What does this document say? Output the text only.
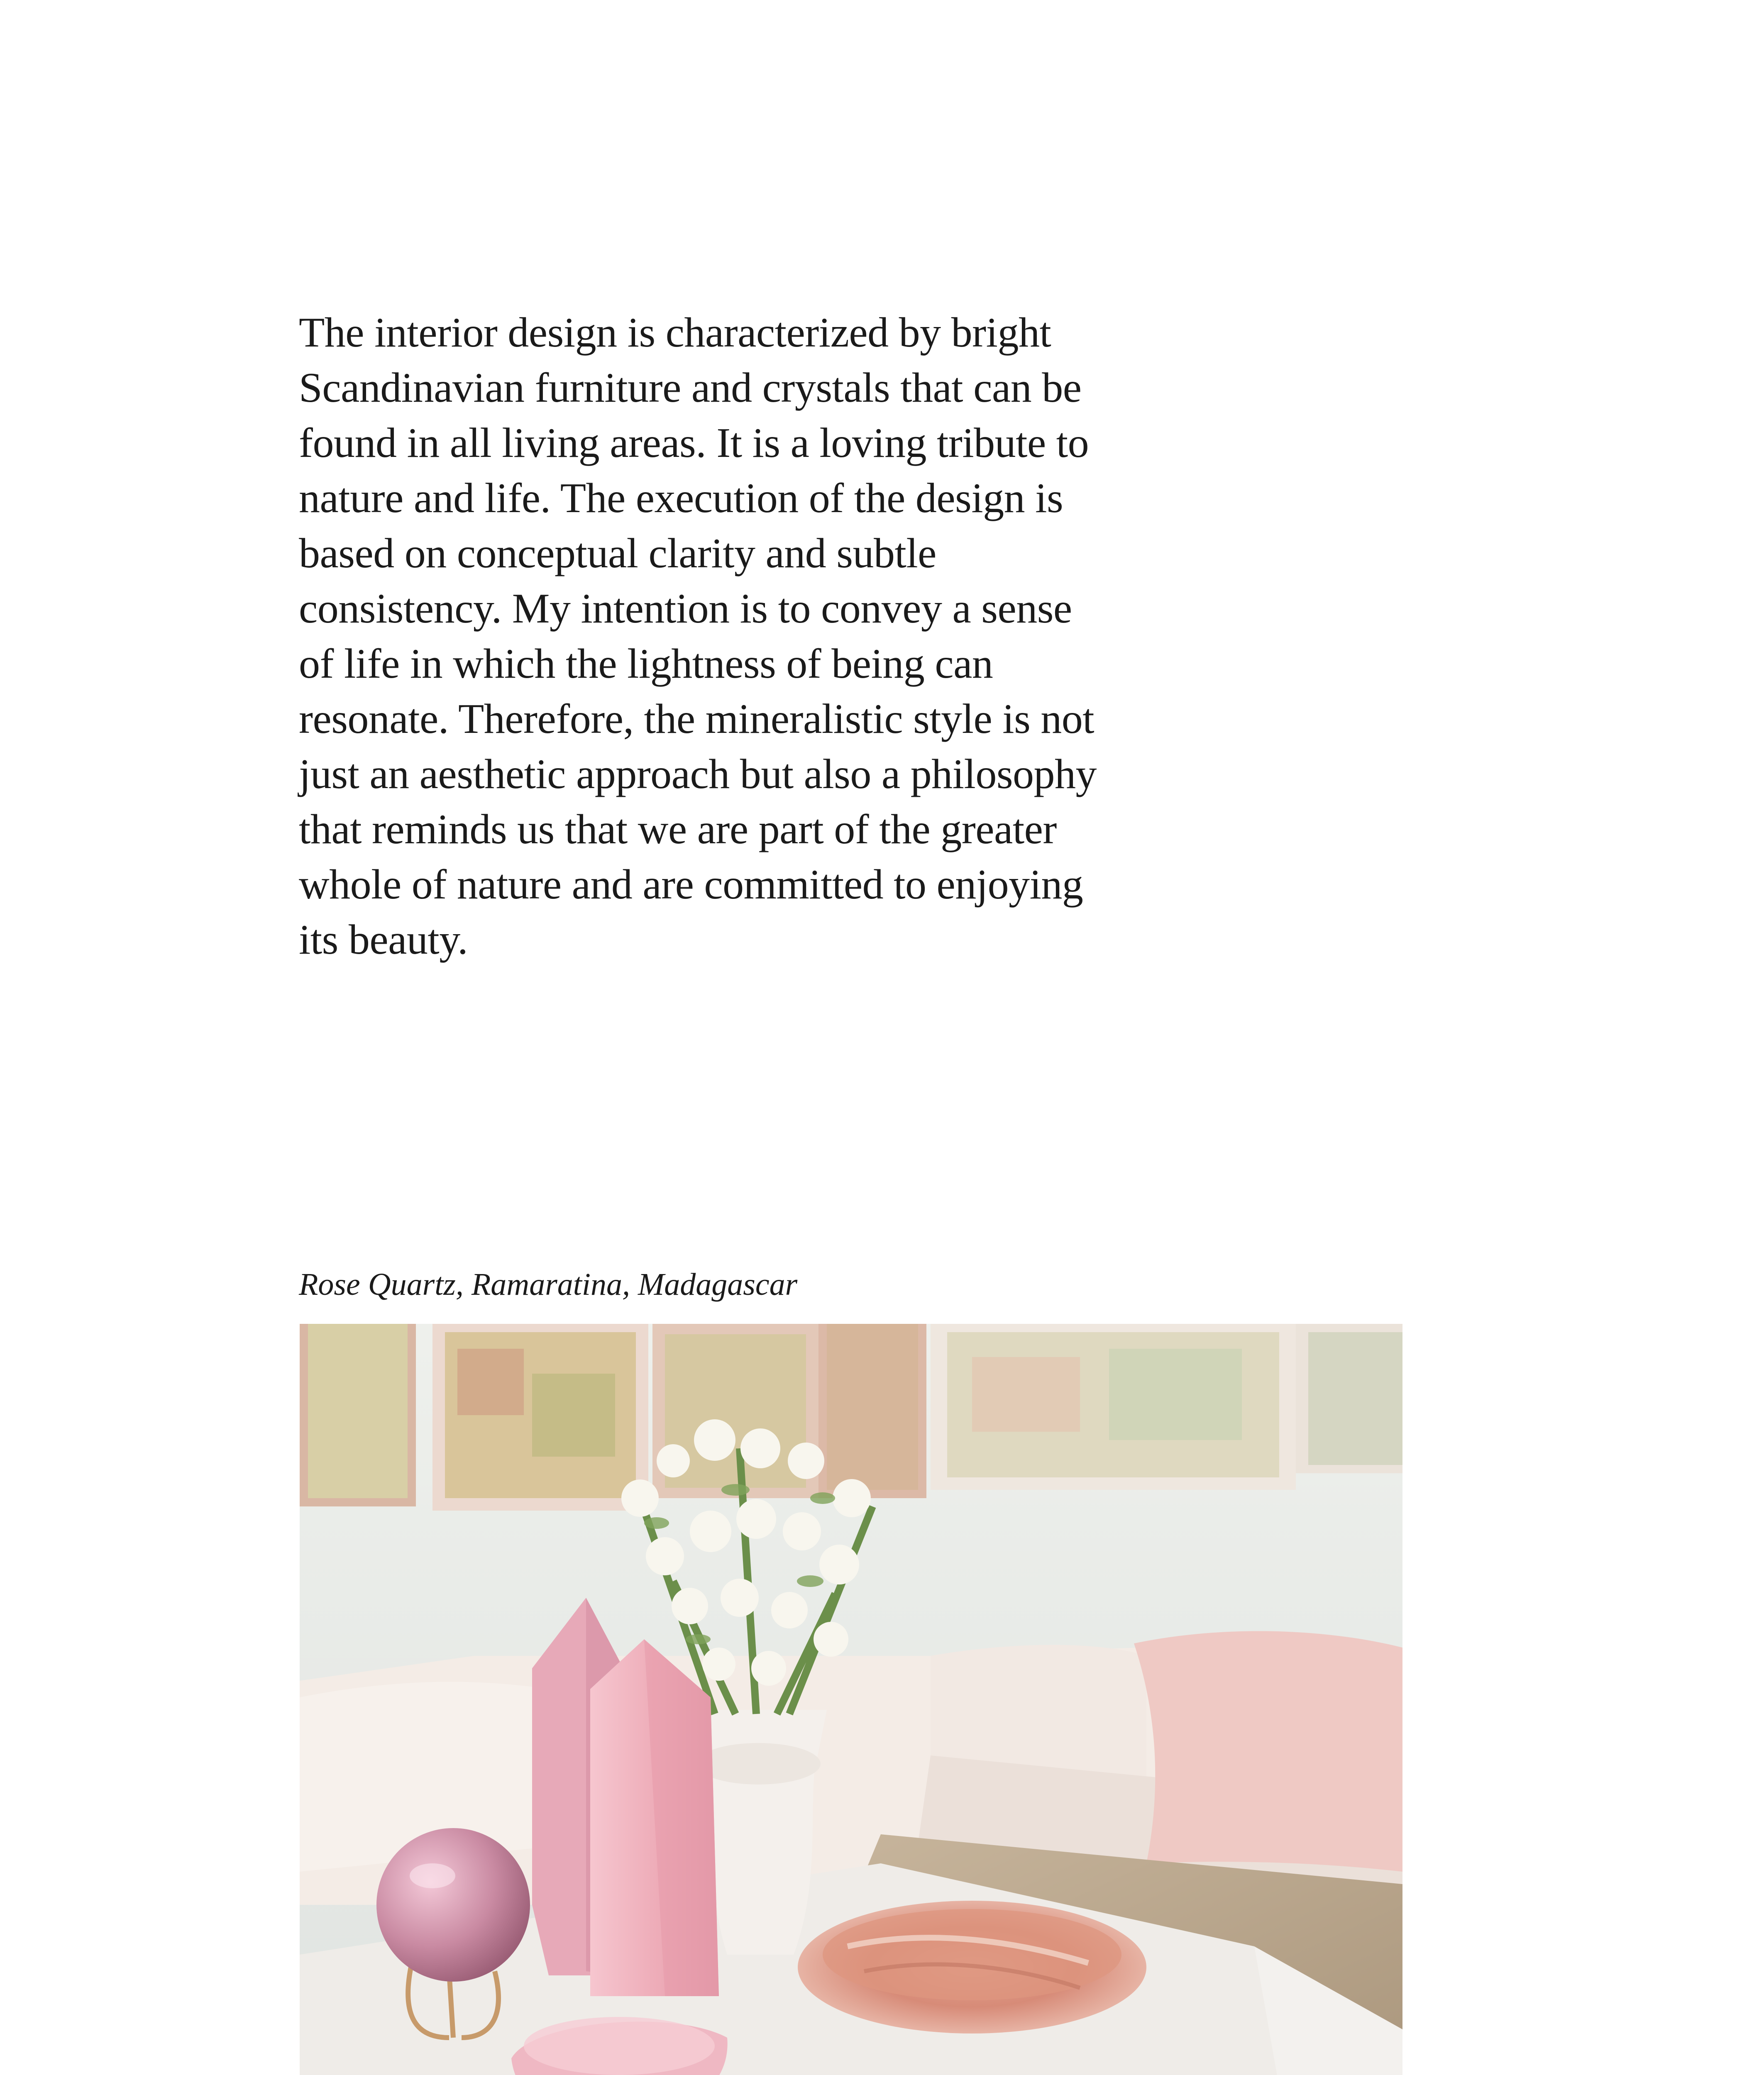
The interior design is characterized by bright Scandinavian furniture and crystals that can be found in all living areas. It is a loving tribute to nature and life. The execution of the design is based on conceptual clarity and subtle consistency. My intention is to convey a sense of life in which the lightness of being can resonate. Therefore, the mineralistic style is not just an aesthetic approach but also a philosophy that reminds us that we are part of the greater whole of nature and are committed to enjoying its beauty.

Rose Quartz, Ramaratina, Madagascar
